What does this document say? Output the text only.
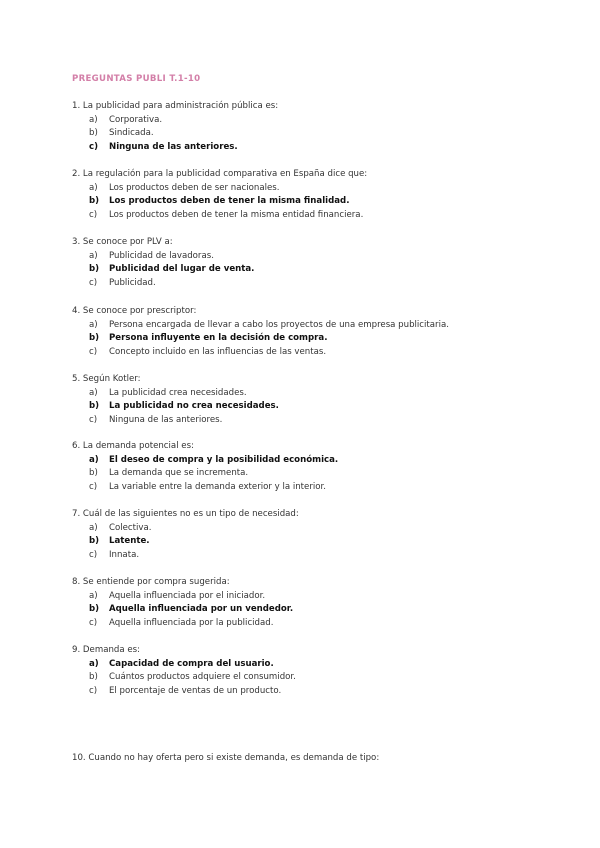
PREGUNTAS PUBLI T.1-10
1. La publicidad para administración pública es:
a) Corporativa.
b) Sindicada.
c) Ninguna de las anteriores.
2. La regulación para la publicidad comparativa en España dice que:
a) Los productos deben de ser nacionales.
b) Los productos deben de tener la misma finalidad.
c) Los productos deben de tener la misma entidad financiera.
3. Se conoce por PLV a:
a) Publicidad de lavadoras.
b) Publicidad del lugar de venta.
c) Publicidad.
4. Se conoce por prescriptor:
a) Persona encargada de llevar a cabo los proyectos de una empresa publicitaria.
b) Persona influyente en la decisión de compra.
c) Concepto incluido en las influencias de las ventas.
5. Según Kotler:
a) La publicidad crea necesidades.
b) La publicidad no crea necesidades.
c) Ninguna de las anteriores.
6. La demanda potencial es:
a) El deseo de compra y la posibilidad económica.
b) La demanda que se incrementa.
c) La variable entre la demanda exterior y la interior.
7. Cuál de las siguientes no es un tipo de necesidad:
a) Colectiva.
b) Latente.
c) Innata.
8. Se entiende por compra sugerida:
a) Aquella influenciada por el iniciador.
b) Aquella influenciada por un vendedor.
c) Aquella influenciada por la publicidad.
9. Demanda es:
a) Capacidad de compra del usuario.
b) Cuántos productos adquiere el consumidor.
c) El porcentaje de ventas de un producto.
10. Cuando no hay oferta pero si existe demanda, es demanda de tipo:
